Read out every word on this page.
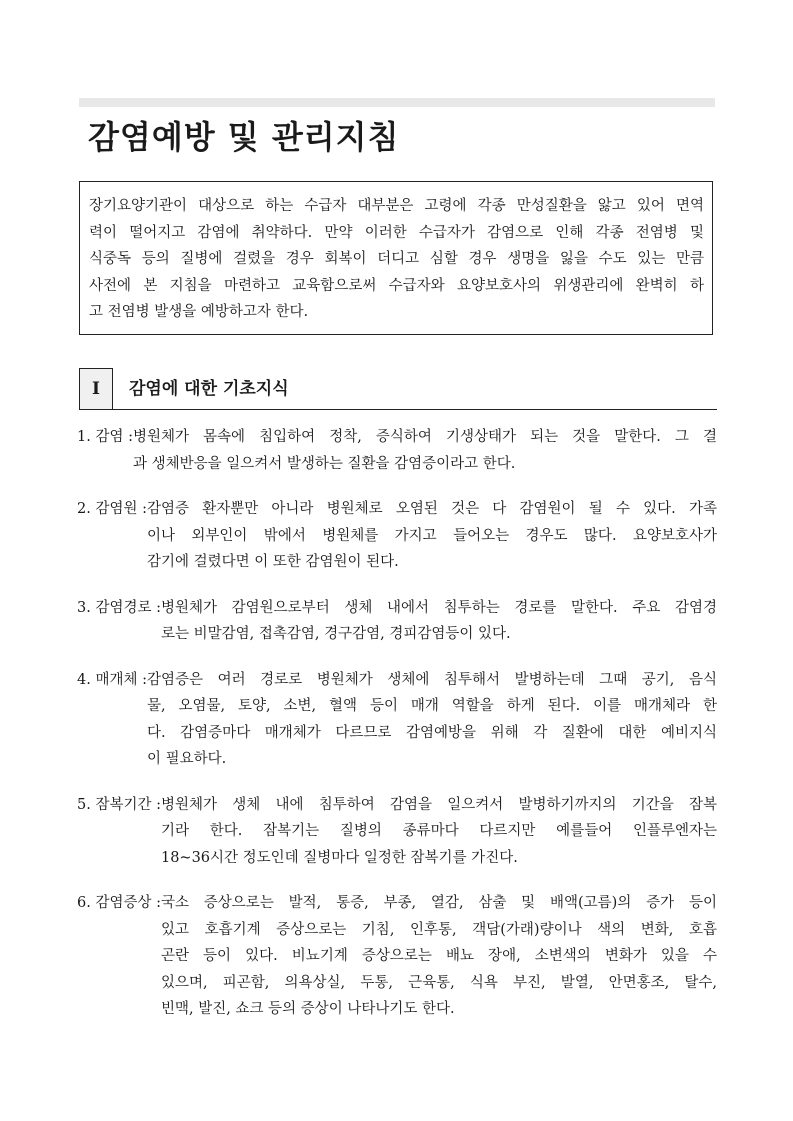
감염예방 및 관리지침
장기요양기관이 대상으로 하는 수급자 대부분은 고령에 각종 만성질환을 앓고 있어 면역
력이 떨어지고 감염에 취약하다. 만약 이러한 수급자가 감염으로 인해 각종 전염병 및
식중독 등의 질병에 걸렸을 경우 회복이 더디고 심할 경우 생명을 잃을 수도 있는 만큼
사전에 본 지침을 마련하고 교육함으로써 수급자와 요양보호사의 위생관리에 완벽히 하
고 전염병 발생을 예방하고자 한다.
I	감염에 대한 기초지식
1. 감염 : 병원체가 몸속에 침입하여 정착, 증식하여 기생상태가 되는 것을 말한다. 그 결
과 생체반응을 일으켜서 발생하는 질환을 감염증이라고 한다.
2. 감염원 : 감염증 환자뿐만 아니라 병원체로 오염된 것은 다 감염원이 될 수 있다. 가족
이나 외부인이 밖에서 병원체를 가지고 들어오는 경우도 많다. 요양보호사가
감기에 걸렸다면 이 또한 감염원이 된다.
3. 감염경로 : 병원체가 감염원으로부터 생체 내에서 침투하는 경로를 말한다. 주요 감염경
로는 비말감염, 접촉감염, 경구감염, 경피감염등이 있다.
4. 매개체 : 감염증은 여러 경로로 병원체가 생체에 침투해서 발병하는데 그때 공기, 음식
물, 오염물, 토양, 소변, 혈액 등이 매개 역할을 하게 된다. 이를 매개체라 한
다. 감염증마다 매개체가 다르므로 감염예방을 위해 각 질환에 대한 예비지식
이 필요하다.
5. 잠복기간 : 병원체가 생체 내에 침투하여 감염을 일으켜서 발병하기까지의 기간을 잠복
기라 한다. 잠복기는 질병의 종류마다 다르지만 예를들어 인플루엔자는
18~36시간 정도인데 질병마다 일정한 잠복기를 가진다.
6. 감염증상 : 국소 증상으로는 발적, 통증, 부종, 열감, 삼출 및 배액(고름)의 증가 등이
있고 호흡기계 증상으로는 기침, 인후통, 객담(가래)량이나 색의 변화, 호흡
곤란 등이 있다. 비뇨기계 증상으로는 배뇨 장애, 소변색의 변화가 있을 수
있으며, 피곤함, 의욕상실, 두통, 근육통, 식욕 부진, 발열, 안면홍조, 탈수,
빈맥, 발진, 쇼크 등의 증상이 나타나기도 한다.
